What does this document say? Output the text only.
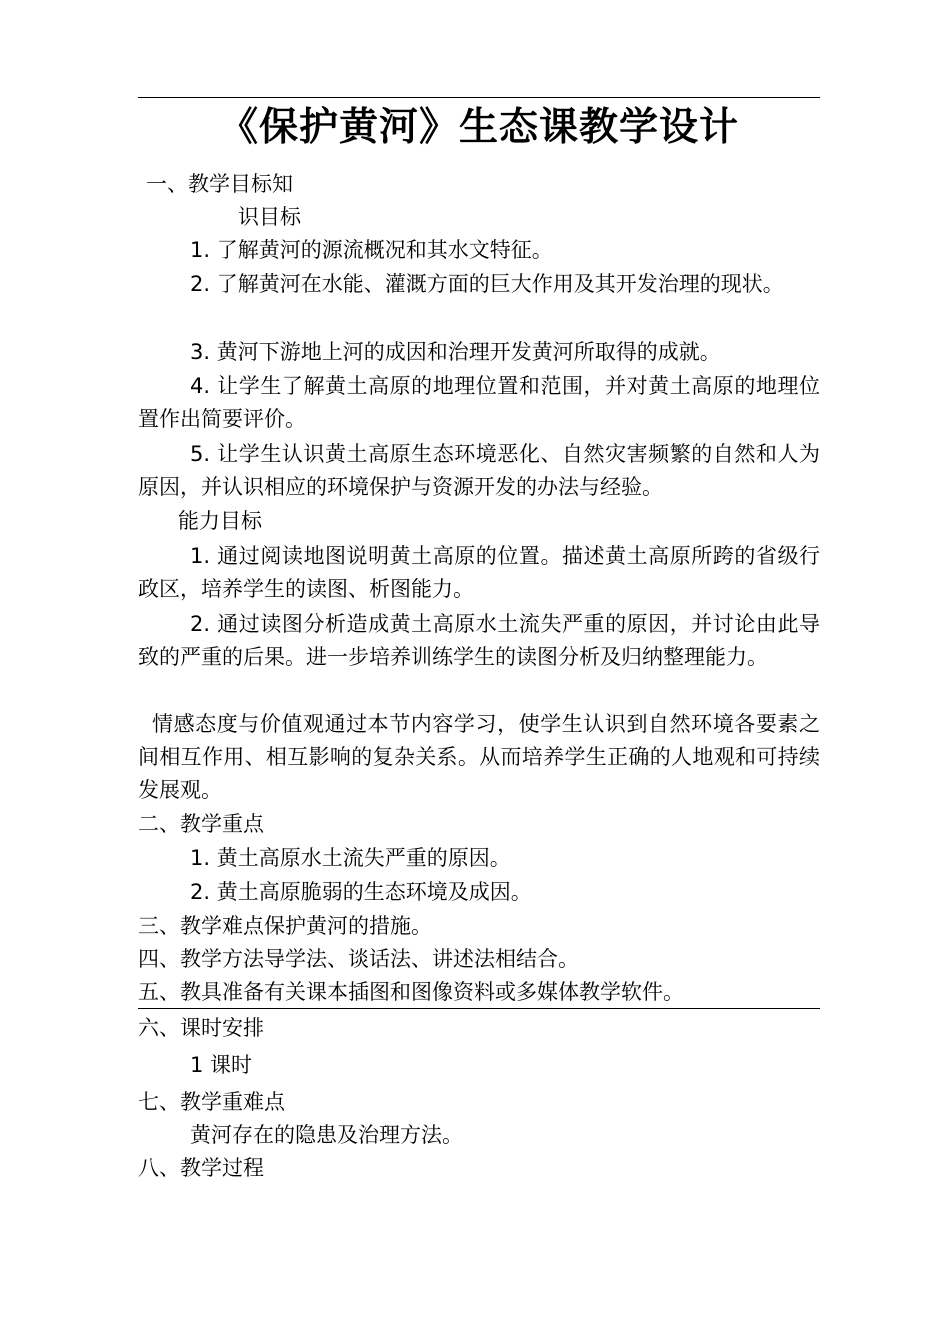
《保护黄河》生态课教学设计
一、教学目标知
识目标
1. 了解黄河的源流概况和其水文特征。
2. 了解黄河在水能、灌溉方面的巨大作用及其开发治理的现状。
3. 黄河下游地上河的成因和治理开发黄河所取得的成就。
4. 让学生了解黄土高原的地理位置和范围，并对黄土高原的地理位置作出简要评价。
5. 让学生认识黄土高原生态环境恶化、自然灾害频繁的自然和人为原因，并认识相应的环境保护与资源开发的办法与经验。
能力目标
1. 通过阅读地图说明黄土高原的位置。描述黄土高原所跨的省级行政区，培养学生的读图、析图能力。
2. 通过读图分析造成黄土高原水土流失严重的原因，并讨论由此导致的严重的后果。进一步培养训练学生的读图分析及归纳整理能力。
情感态度与价值观通过本节内容学习，使学生认识到自然环境各要素之间相互作用、相互影响的复杂关系。从而培养学生正确的人地观和可持续发展观。
二、教学重点
1. 黄土高原水土流失严重的原因。
2. 黄土高原脆弱的生态环境及成因。
三、教学难点保护黄河的措施。
四、教学方法导学法、谈话法、讲述法相结合。
五、教具准备有关课本插图和图像资料或多媒体教学软件。
六、课时安排
1 课时
七、教学重难点
黄河存在的隐患及治理方法。
八、教学过程
